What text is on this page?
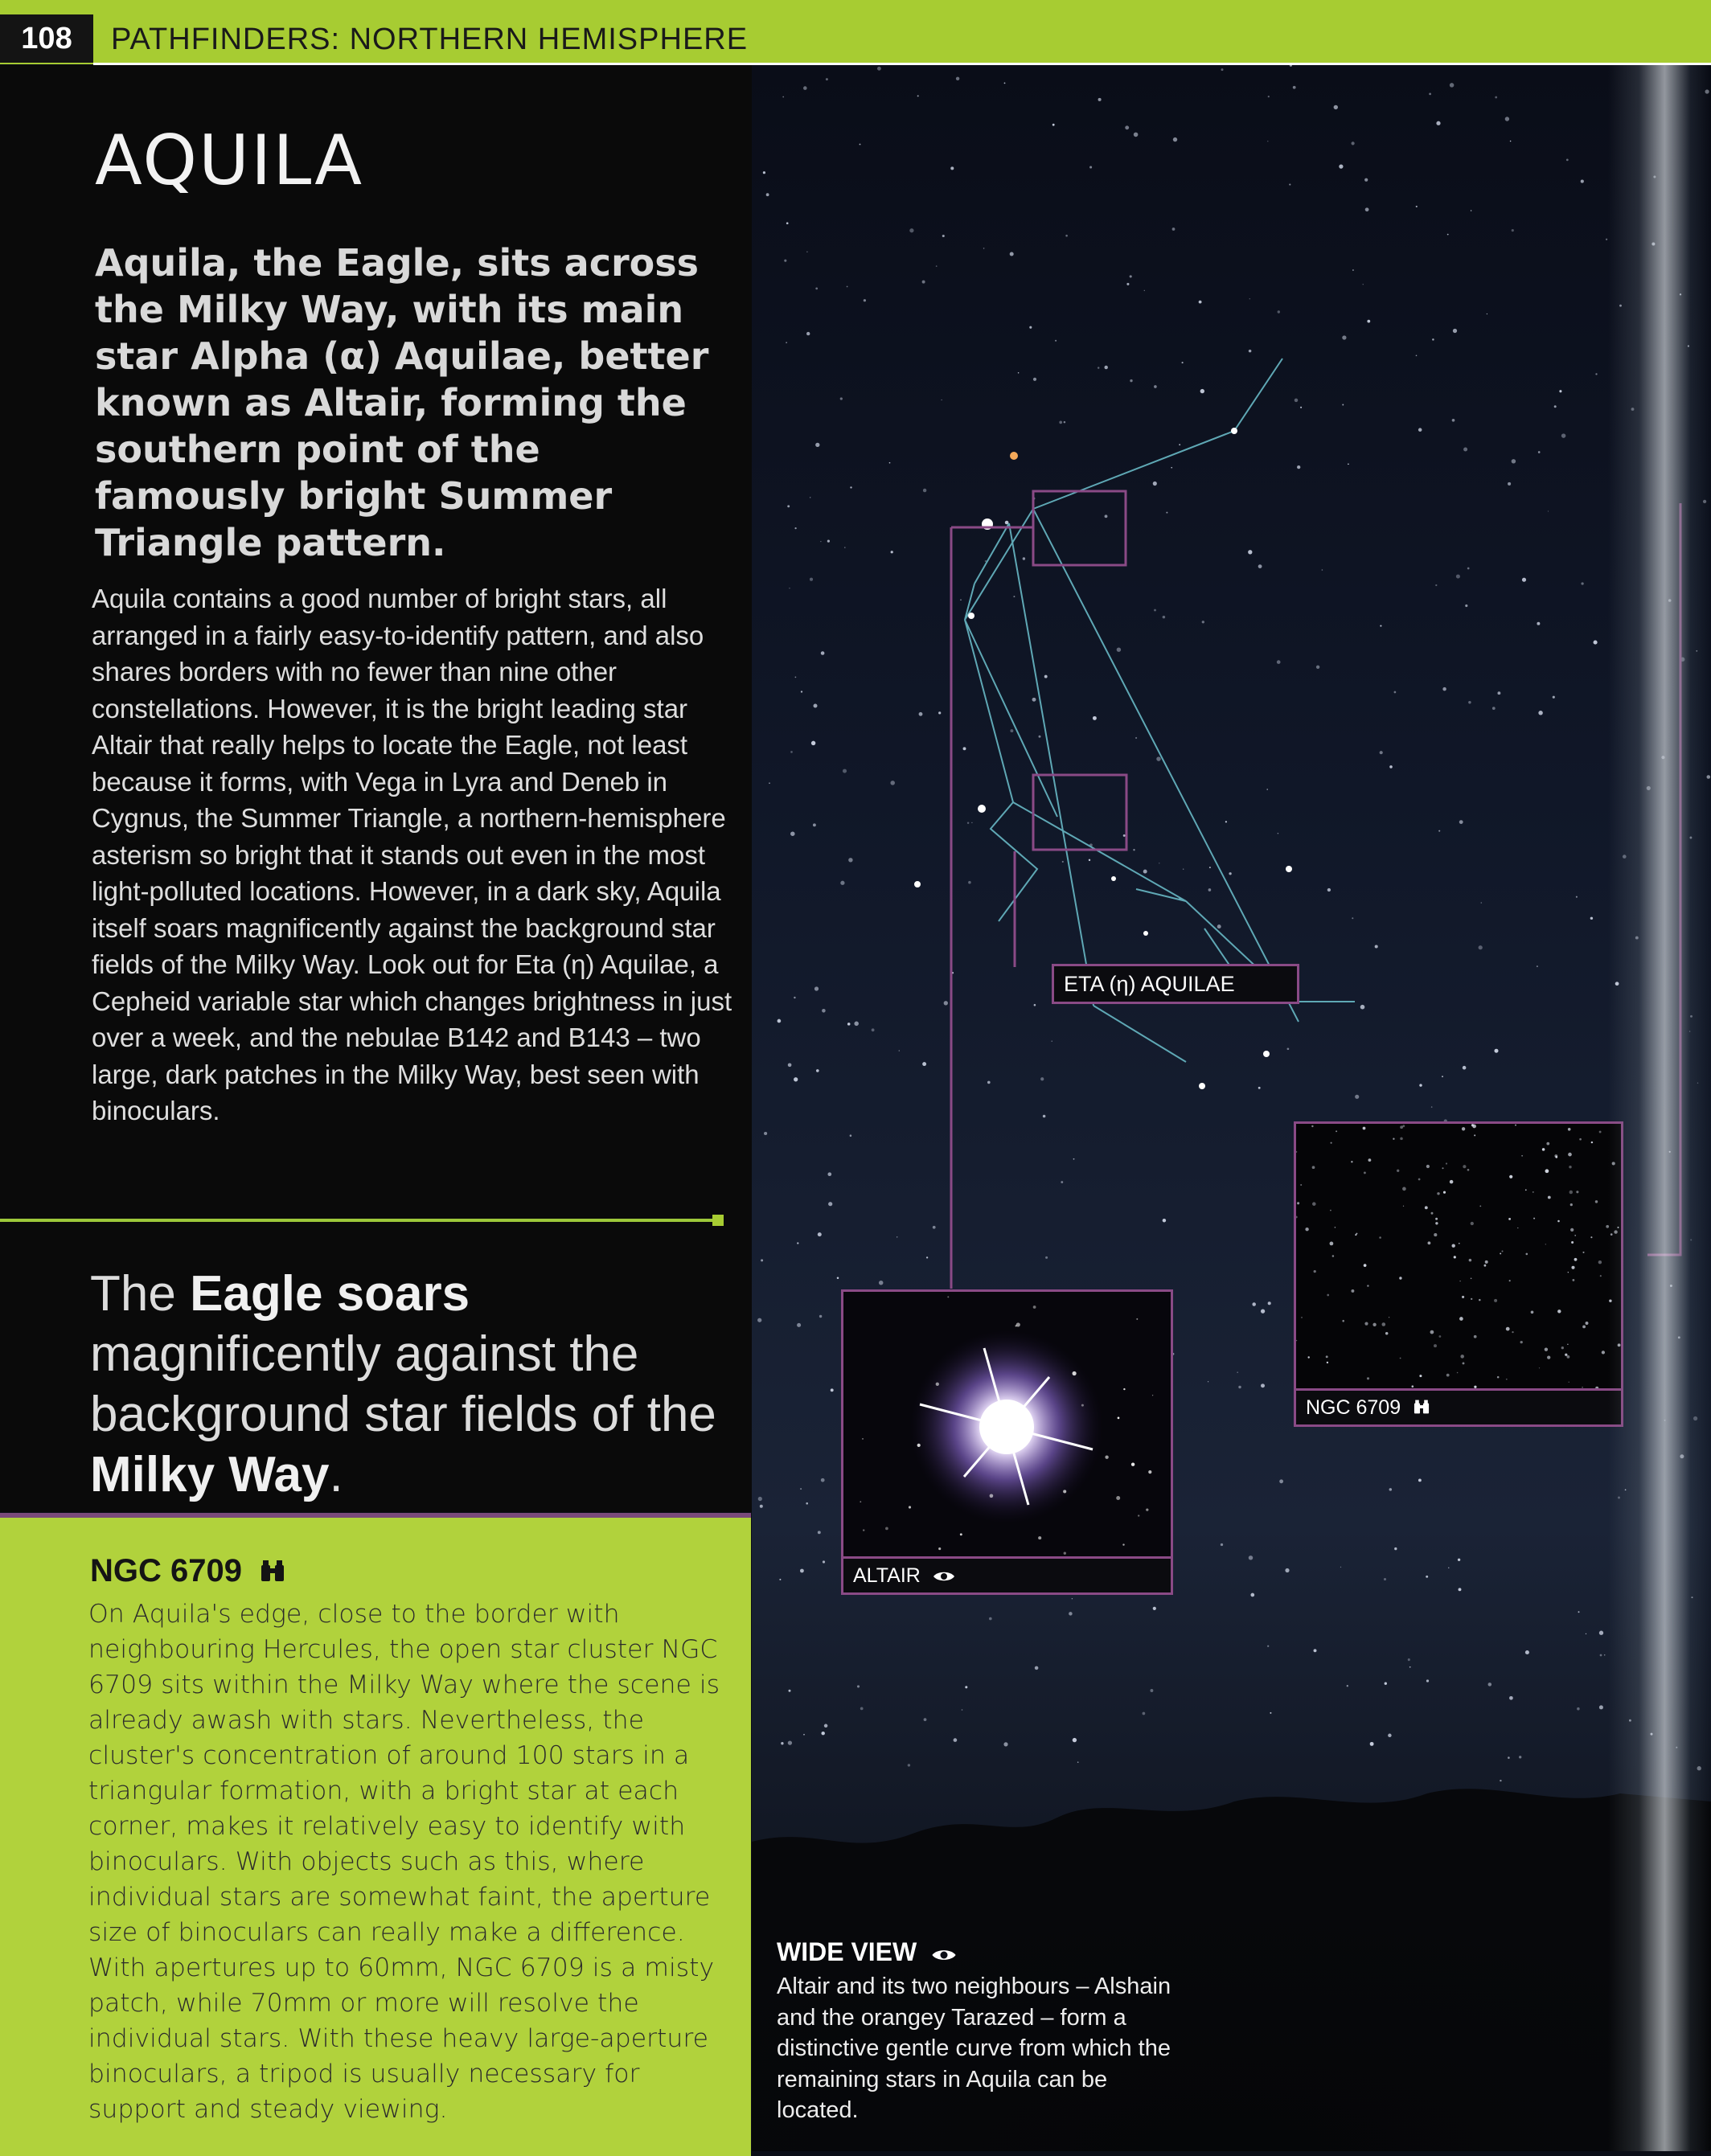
108	PATHFINDERS: NORTHERN HEMISPHERE
AQUILA

Aquila, the Eagle, sits across the Milky Way, with its main star Alpha (α) Aquilae, better known as Altair, forming the southern point of the famously bright Summer Triangle pattern.

Aquila contains a good number of bright stars, all arranged in a fairly easy-to-identify pattern, and also shares borders with no fewer than nine other constellations. However, it is the bright leading star Altair that really helps to locate the Eagle, not least because it forms, with Vega in Lyra and Deneb in Cygnus, the Summer Triangle, a northern-hemisphere asterism so bright that it stands out even in the most light-polluted locations. However, in a dark sky, Aquila itself soars magnificently against the background star fields of the Milky Way. Look out for Eta (η) Aquilae, a Cepheid variable star which changes brightness in just over a week, and the nebulae B142 and B143 – two large, dark patches in the Milky Way, best seen with binoculars.

The Eagle soars magnificently against the background star fields of the Milky Way.

NGC 6709

On Aquila's edge, close to the border with neighbouring Hercules, the open star cluster NGC 6709 sits within the Milky Way where the scene is already awash with stars. Nevertheless, the cluster's concentration of around 100 stars in a triangular formation, with a bright star at each corner, makes it relatively easy to identify with binoculars. With objects such as this, where individual stars are somewhat faint, the aperture size of binoculars can really make a difference. With apertures up to 60mm, NGC 6709 is a misty patch, while 70mm or more will resolve the individual stars. With these heavy large-aperture binoculars, a tripod is usually necessary for support and steady viewing.

ETA (η) AQUILAE
NGC 6709
ALTAIR
WIDE VIEW

Altair and its two neighbours – Alshain and the orangey Tarazed – form a distinctive gentle curve from which the remaining stars in Aquila can be located.
